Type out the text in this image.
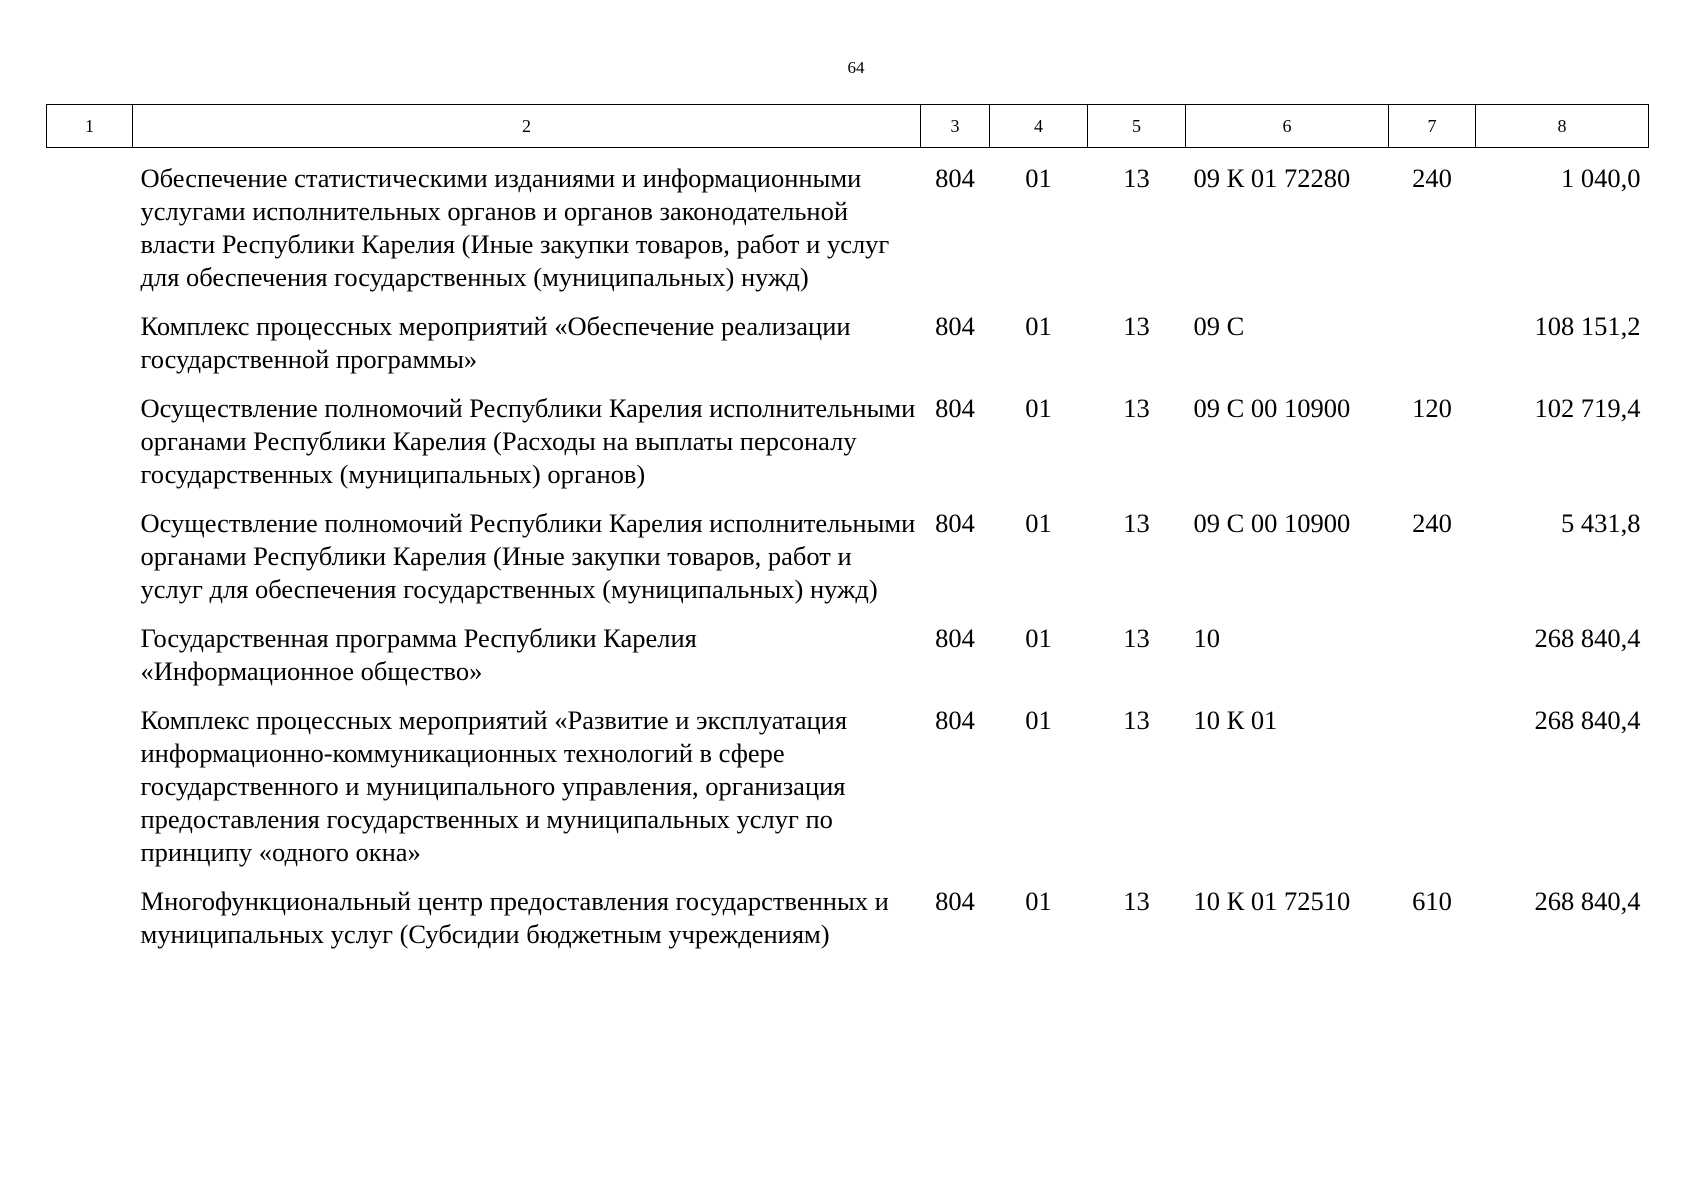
64
1	2	3	4	5	6	7	8
	Обеспечение статистическими изданиями и информационными услугами исполнительных органов и органов законодательной власти Республики Карелия (Иные закупки товаров, работ и услуг для обеспечения государственных (муниципальных) нужд)	804	01	13	09 К 01 72280	240	1 040,0
	Комплекс процессных мероприятий «Обеспечение реализации государственной программы»	804	01	13	09 С		108 151,2
	Осуществление полномочий Республики Карелия исполнительными органами Республики Карелия (Расходы на выплаты персоналу государственных (муниципальных) органов)	804	01	13	09 С 00 10900	120	102 719,4
	Осуществление полномочий Республики Карелия исполнительными органами Республики Карелия (Иные закупки товаров, работ и услуг для обеспечения государственных (муниципальных) нужд)	804	01	13	09 С 00 10900	240	5 431,8
	Государственная программа Республики Карелия «Информационное общество»	804	01	13	10		268 840,4
	Комплекс процессных мероприятий «Развитие и эксплуатация информационно-коммуникационных технологий в сфере государственного и муниципального управления, организация предоставления государственных и муниципальных услуг по принципу «одного окна»	804	01	13	10 К 01		268 840,4
	Многофункциональный центр предоставления государственных и муниципальных услуг (Субсидии бюджетным учреждениям)	804	01	13	10 К 01 72510	610	268 840,4
